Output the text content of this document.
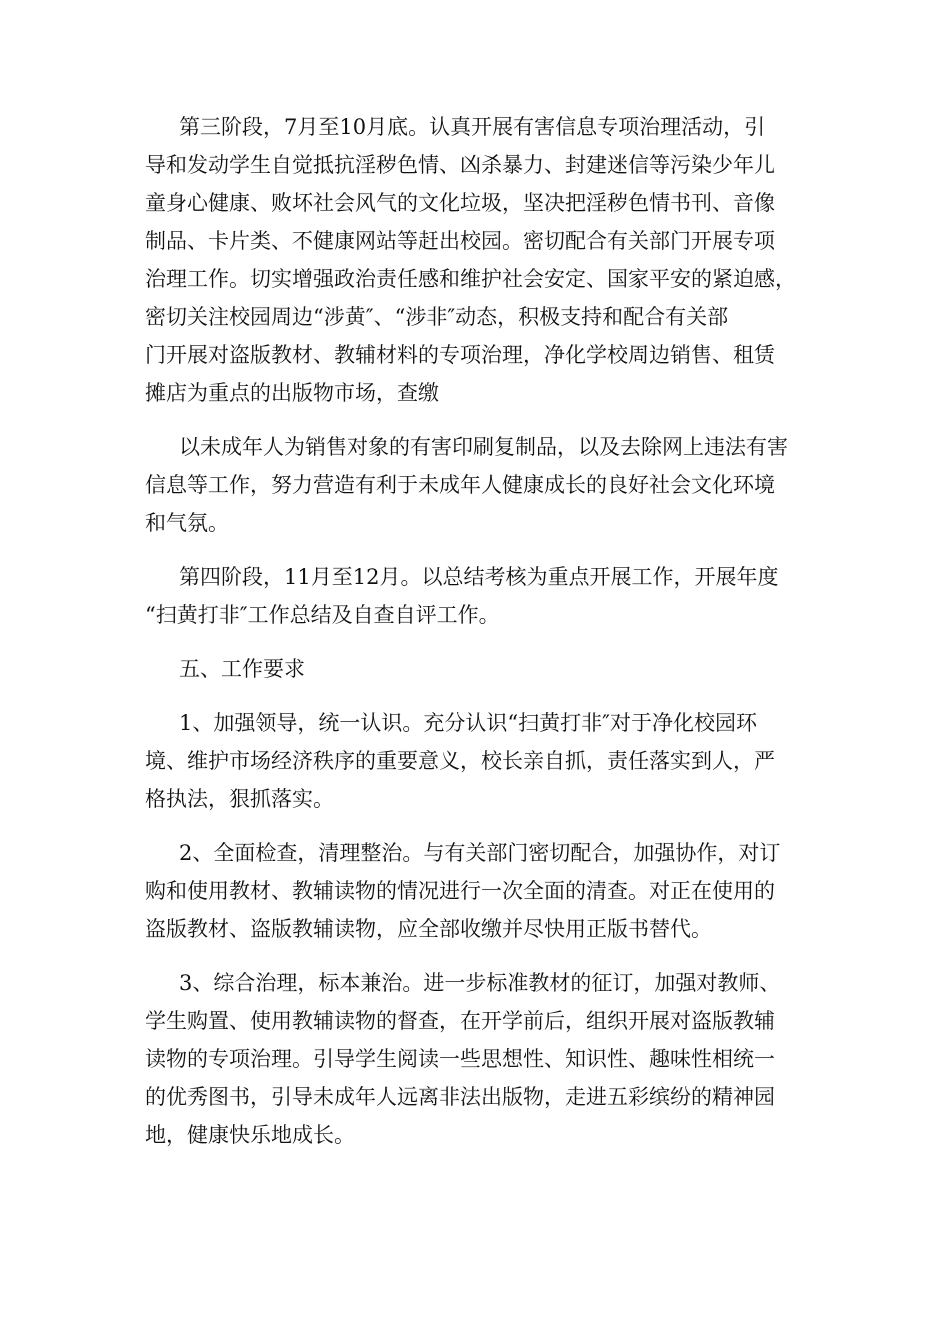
第三阶段，7月至10月底。认真开展有害信息专项治理活动，引
导和发动学生自觉抵抗淫秽色情、凶杀暴力、封建迷信等污染少年儿
童身心健康、败坏社会风气的文化垃圾，坚决把淫秽色情书刊、音像
制品、卡片类、不健康网站等赶出校园。密切配合有关部门开展专项
治理工作。切实增强政治责任感和维护社会安定、国家平安的紧迫感，
密切关注校园周边“涉黄″、“涉非″动态，积极支持和配合有关部
门开展对盗版教材、教辅材料的专项治理，净化学校周边销售、租赁
摊店为重点的出版物市场，查缴

以未成年人为销售对象的有害印刷复制品，以及去除网上违法有害
信息等工作，努力营造有利于未成年人健康成长的良好社会文化环境
和气氛。

第四阶段，11月至12月。以总结考核为重点开展工作，开展年度
“扫黄打非″工作总结及自查自评工作。

五、工作要求

1、加强领导，统一认识。充分认识“扫黄打非″对于净化校园环
境、维护市场经济秩序的重要意义，校长亲自抓，责任落实到人，严
格执法，狠抓落实。

2、全面检查，清理整治。与有关部门密切配合，加强协作，对订
购和使用教材、教辅读物的情况进行一次全面的清查。对正在使用的
盗版教材、盗版教辅读物，应全部收缴并尽快用正版书替代。

3、综合治理，标本兼治。进一步标准教材的征订，加强对教师、
学生购置、使用教辅读物的督查，在开学前后，组织开展对盗版教辅
读物的专项治理。引导学生阅读一些思想性、知识性、趣味性相统一
的优秀图书，引导未成年人远离非法出版物，走进五彩缤纷的精神园
地，健康快乐地成长。
